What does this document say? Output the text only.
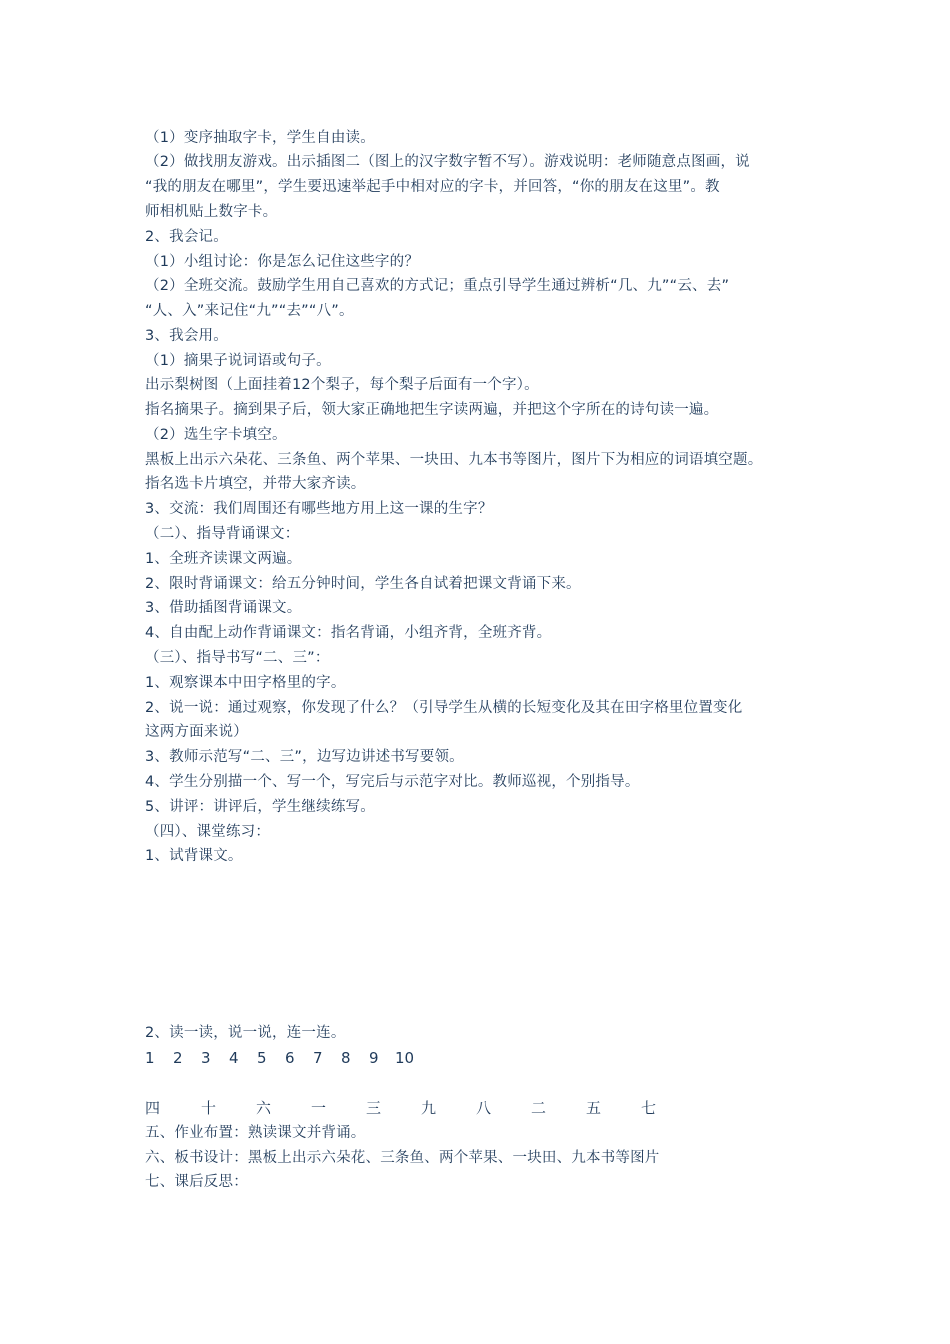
（1）变序抽取字卡，学生自由读。
（2）做找朋友游戏。出示插图二（图上的汉字数字暂不写）。游戏说明：老师随意点图画，说
“我的朋友在哪里”，学生要迅速举起手中相对应的字卡，并回答，“你的朋友在这里”。教
师相机贴上数字卡。
2、我会记。
（1）小组讨论：你是怎么记住这些字的？
（2）全班交流。鼓励学生用自己喜欢的方式记；重点引导学生通过辨析“几、九”“云、去”
“人、入”来记住“九”“去”“八”。
3、我会用。
（1）摘果子说词语或句子。
出示梨树图（上面挂着12个梨子，每个梨子后面有一个字）。
指名摘果子。摘到果子后，领大家正确地把生字读两遍，并把这个字所在的诗句读一遍。
（2）选生字卡填空。
黑板上出示六朵花、三条鱼、两个苹果、一块田、九本书等图片，图片下为相应的词语填空题。
指名选卡片填空，并带大家齐读。
3、交流：我们周围还有哪些地方用上这一课的生字？
（二）、指导背诵课文：
1、全班齐读课文两遍。
2、限时背诵课文：给五分钟时间，学生各自试着把课文背诵下来。
3、借助插图背诵课文。
4、自由配上动作背诵课文：指名背诵，小组齐背，全班齐背。
（三）、指导书写“二、三”：
1、观察课本中田字格里的字。
2、说一说：通过观察，你发现了什么？（引导学生从横的长短变化及其在田字格里位置变化
这两方面来说）
3、教师示范写“二、三”，边写边讲述书写要领。
4、学生分别描一个、写一个，写完后与示范字对比。教师巡视，个别指导。
5、讲评：讲评后，学生继续练写。
（四）、课堂练习：
1、试背课文。
2、读一读，说一说，连一连。
1 2 3 4 5 6 7 8 9 10
四	十	六	一	三	九	八	二	五	七
五、作业布置：熟读课文并背诵。
六、板书设计：黑板上出示六朵花、三条鱼、两个苹果、一块田、九本书等图片
七、课后反思：
